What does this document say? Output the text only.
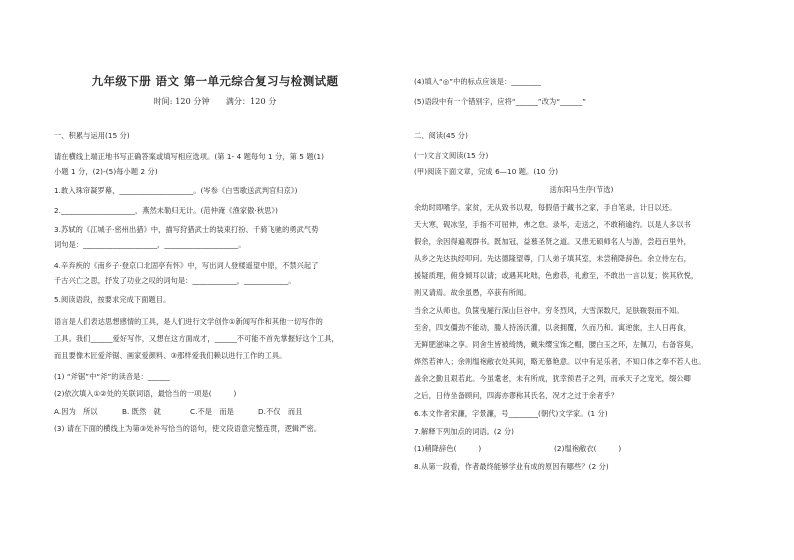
九年级下册 语文 第一单元综合复习与检测试题
时间: 120 分钟　　满分：120 分
一、积累与运用(15 分)
请在横线上端正地书写正确答案或填写相应选项。(第 1- 4 题每句 1 分，第 5 题(1)
小题 1 分，(2)-(5)每小题 2 分)
1.敢入珠帘凝罗幕，____________________。(岑参《白雪歌送武判官归京》)
2.____________________，燕然未勒归无计。(范仲淹《渔家傲·秋思》)
3.苏轼的《江城子·密州出猎》中，描写狩猎武士的装束打扮、千骑飞驰的勇武气势
词句是：____________________，____________________。
4.辛弃疾的《南乡子·登京口北固亭有怀》中，写出词人登楼遥望中原，不禁兴起了
千古兴亡之思，抒发了功业之叹的词句是：____________，____________。
5.阅读语段，按要求完成下面题目。
语言是人们表达思想感情的工具，是人们进行文学创作①新闻写作和其他一切写作的
工具。我们______爱好写作，又想在这方面成才，______不可能不首先掌握好这个工具，
而且要像木匠爱斧锯、画家爱颜料、③那样爱我们赖以进行工作的工具。
(1) “斧锯”中“斧”的读音是：______
(2)依次填入①②处的关联词语，最恰当的一项是(　　　)
A.因为　所以	B. 既然　就	C.不是　而是	D.不仅　而且
(3) 请在下面的横线上为第③处补写恰当的语句，使文段语意完整连贯，逻辑严密。
(4)填入“◎”中的标点应该是：________
(5)语段中有一个错别字，应将“______”改为“______”
二、阅读(45 分)
(一)文言文阅读(15 分)
(甲)阅读下面文章，完成 6—10 题。(10 分)
送东阳马生序(节选)
余幼时即嗜学。家贫，无从致书以观，每假借于藏书之家，手自笔录，计日以还。
天大寒，砚冰坚，手指不可屈伸，弗之怠。录毕，走送之，不敢稍逾约。以是人多以书
假余，余因得遍观群书。既加冠，益慕圣贤之道。又患无硕师名人与游，尝趋百里外，
从乡之先达执经叩问。先达德隆望尊，门人弟子填其室，未尝稍降辞色。余立侍左右，
援疑质理，俯身倾耳以请；或遇其叱咄，色愈恭，礼愈至，不敢出一言以复；俟其欣悦，
则又请焉。故余虽愚，卒获有所闻。
当余之从师也，负箧曳屣行深山巨谷中。穷冬烈风，大雪深数尺，足肤皲裂而不知。
至舍，四支僵劲不能动，媵人持汤沃灌，以衾拥覆，久而乃和。寓逆旅，主人日再食，
无鲜肥滋味之享。同舍生皆被绮绣，戴朱缨宝饰之帽，腰白玉之环，左佩刀，右备容臭，
烨然若神人；余则缊袍敝衣处其间，略无慕艳意。以中有足乐者，不知口体之奉不若人也。
盖余之勤且艰若此。今虽耄老，未有所成，犹幸预君子之列，而承天子之宠光，缀公卿
之后，日侍坐备顾问，四海亦谬称其氏名，况才之过于余者乎？
6.本文作者宋濂，字景濂，号________(朝代)文学家。(1 分)
7.解释下列加点的词语。(2 分)
(1)稍降辞色(　　　)	(2)缊袍敝衣(　　　)
8.从第一段看，作者最终能够学业有成的原因有哪些？(2 分)
